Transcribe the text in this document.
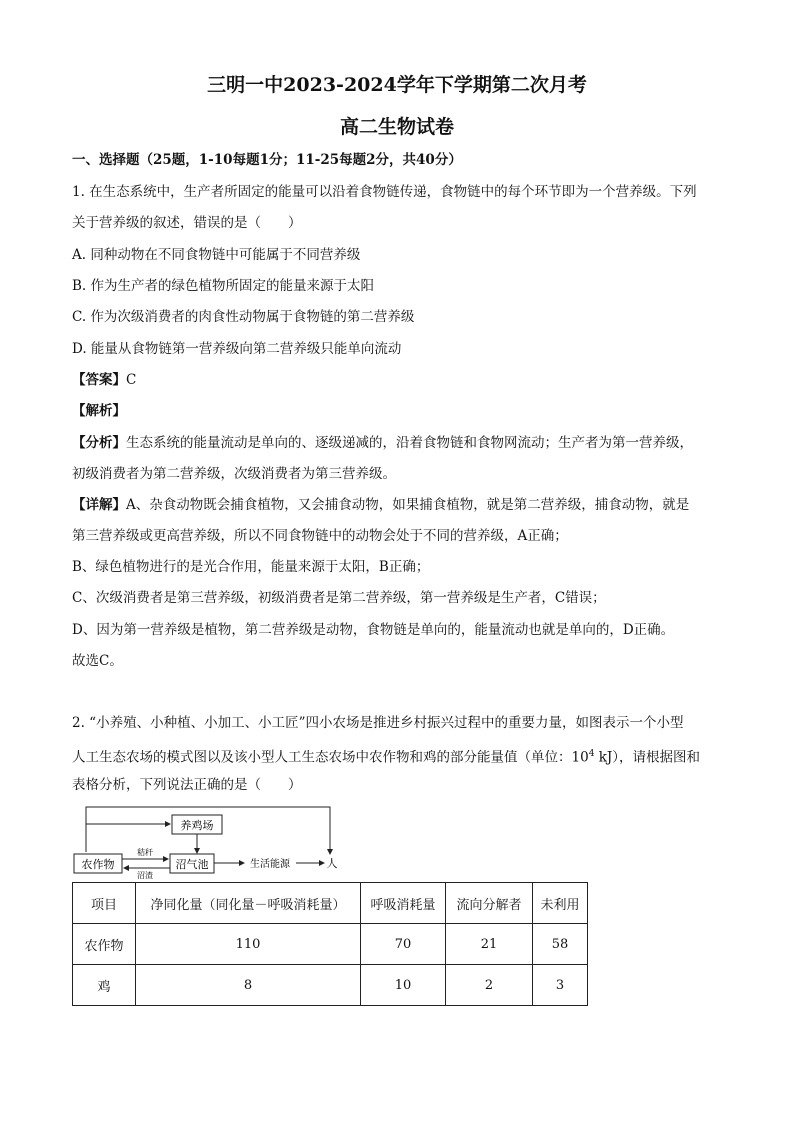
三明一中2023-2024学年下学期第二次月考
高二生物试卷
一、选择题（25题，1-10每题1分；11-25每题2分，共40分）
1. 在生态系统中，生产者所固定的能量可以沿着食物链传递，食物链中的每个环节即为一个营养级。下列
关于营养级的叙述，错误的是（　　）
A. 同种动物在不同食物链中可能属于不同营养级
B. 作为生产者的绿色植物所固定的能量来源于太阳
C. 作为次级消费者的肉食性动物属于食物链的第二营养级
D. 能量从食物链第一营养级向第二营养级只能单向流动
【答案】C
【解析】
【分析】生态系统的能量流动是单向的、逐级递减的，沿着食物链和食物网流动；生产者为第一营养级，
初级消费者为第二营养级，次级消费者为第三营养级。
【详解】A、杂食动物既会捕食植物，又会捕食动物，如果捕食植物，就是第二营养级，捕食动物，就是
第三营养级或更高营养级，所以不同食物链中的动物会处于不同的营养级，A正确；
B、绿色植物进行的是光合作用，能量来源于太阳，B正确；
C、次级消费者是第三营养级，初级消费者是第二营养级，第一营养级是生产者，C错误；
D、因为第一营养级是植物，第二营养级是动物，食物链是单向的，能量流动也就是单向的，D正确。
故选C。
2. “小养殖、小种植、小加工、小工匠”四小农场是推进乡村振兴过程中的重要力量，如图表示一个小型
人工生态农场的模式图以及该小型人工生态农场中农作物和鸡的部分能量值（单位：$10^4$ kJ），请根据图和
表格分析，下列说法正确的是（　　）
养鸡场
农作物	沼气池
秸秆
沼渣
生活能源	人
项目	净同化量（同化量－呼吸消耗量）	呼吸消耗量	流向分解者	未利用
农作物	110	70	21	58
鸡	8	10	2	3
